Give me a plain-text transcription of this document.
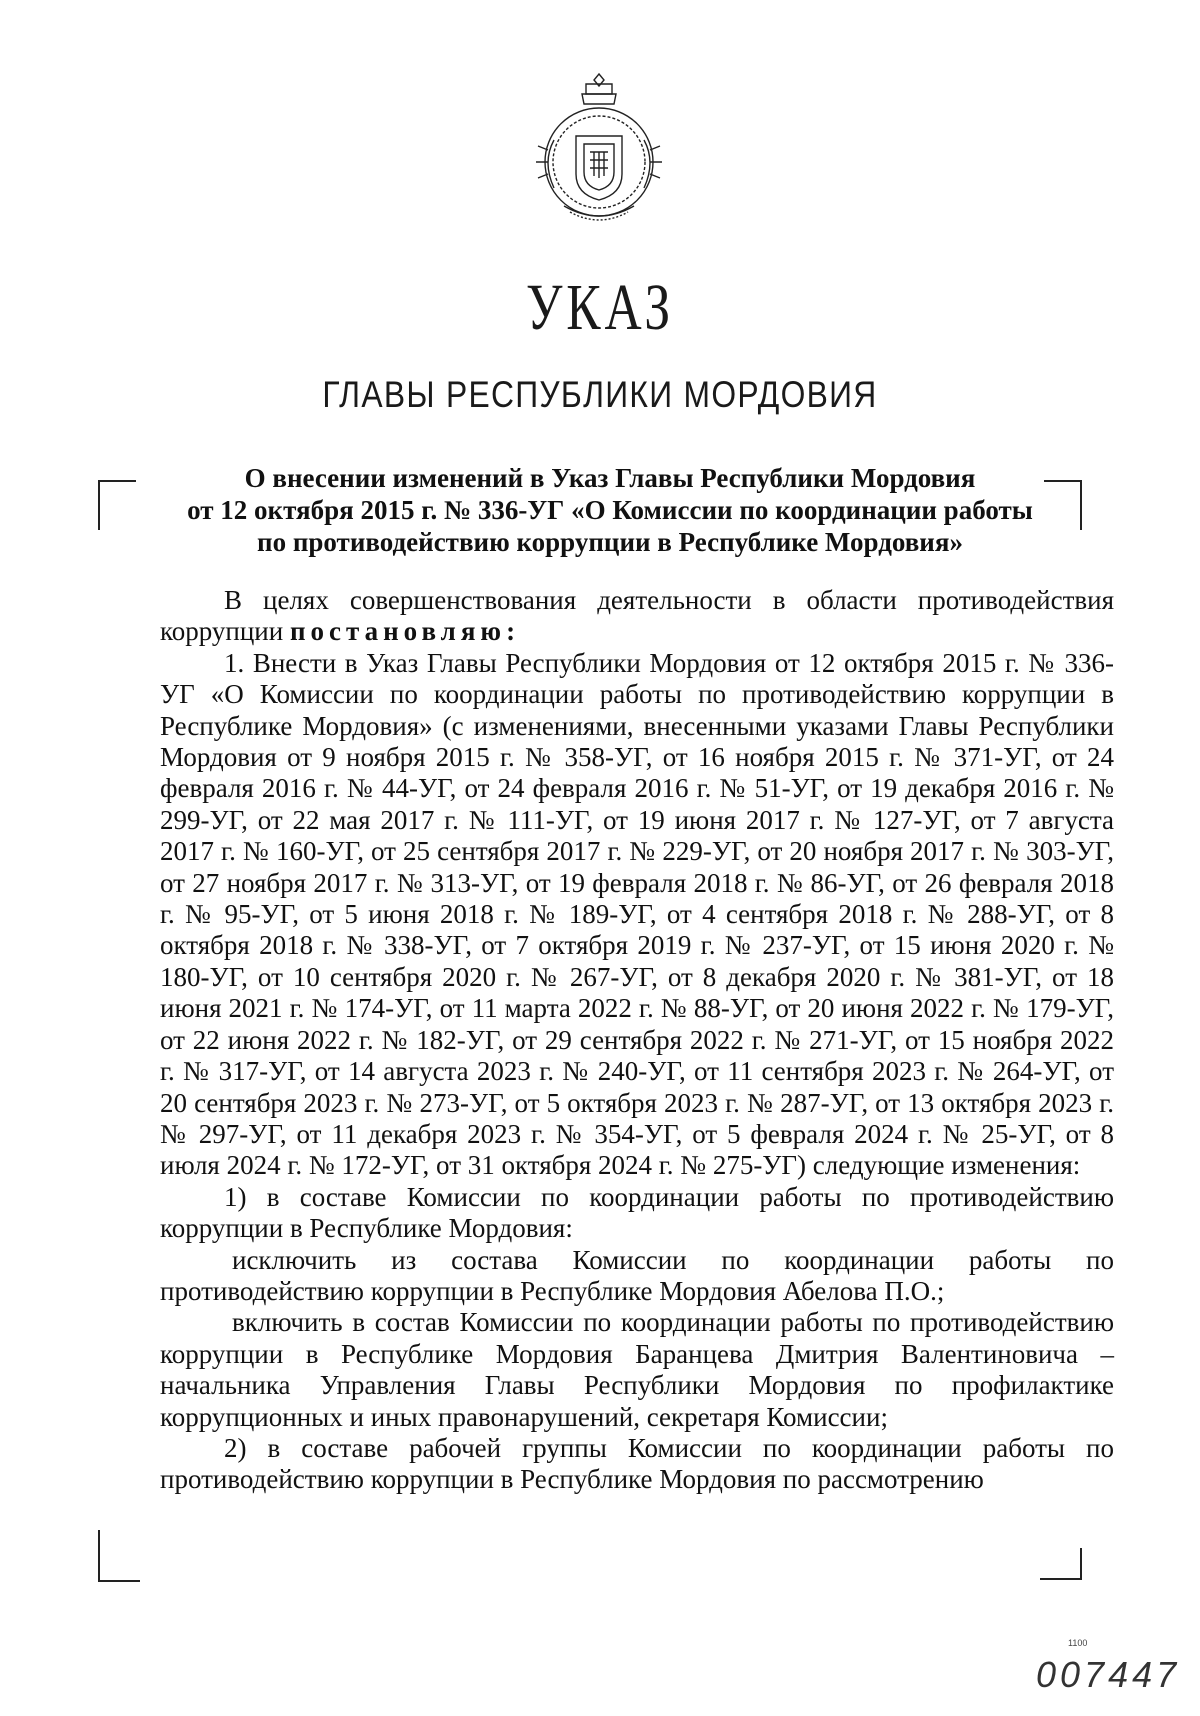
УКАЗ
ГЛАВЫ РЕСПУБЛИКИ МОРДОВИЯ
О внесении изменений в Указ Главы Республики Мордовия
от 12 октября 2015 г. № 336-УГ «О Комиссии по координации работы
по противодействию коррупции в Республике Мордовия»

В целях совершенствования деятельности в области противодействия коррупции постановляю:

1. Внести в Указ Главы Республики Мордовия от 12 октября 2015 г. № 336-УГ «О Комиссии по координации работы по противодействию коррупции в Республике Мордовия» (с изменениями, внесенными указами Главы Республики Мордовия от 9 ноября 2015 г. № 358-УГ, от 16 ноября 2015 г. № 371-УГ, от 24 февраля 2016 г. № 44-УГ, от 24 февраля 2016 г. № 51-УГ, от 19 декабря 2016 г. № 299-УГ, от 22 мая 2017 г. № 111-УГ, от 19 июня 2017 г. № 127-УГ, от 7 августа 2017 г. № 160-УГ, от 25 сентября 2017 г. № 229-УГ, от 20 ноября 2017 г. № 303-УГ, от 27 ноября 2017 г. № 313-УГ, от 19 февраля 2018 г. № 86-УГ, от 26 февраля 2018 г. № 95-УГ, от 5 июня 2018 г. № 189-УГ, от 4 сентября 2018 г. № 288-УГ, от 8 октября 2018 г. № 338-УГ, от 7 октября 2019 г. № 237-УГ, от 15 июня 2020 г. № 180-УГ, от 10 сентября 2020 г. № 267-УГ, от 8 декабря 2020 г. № 381-УГ, от 18 июня 2021 г. № 174-УГ, от 11 марта 2022 г. № 88-УГ, от 20 июня 2022 г. № 179-УГ, от 22 июня 2022 г. № 182-УГ, от 29 сентября 2022 г. № 271-УГ, от 15 ноября 2022 г. № 317-УГ, от 14 августа 2023 г. № 240-УГ, от 11 сентября 2023 г. № 264-УГ, от 20 сентября 2023 г. № 273-УГ, от 5 октября 2023 г. № 287-УГ, от 13 октября 2023 г. № 297-УГ, от 11 декабря 2023 г. № 354-УГ, от 5 февраля 2024 г. № 25-УГ, от 8 июля 2024 г. № 172-УГ, от 31 октября 2024 г. № 275-УГ) следующие изменения:

1) в составе Комиссии по координации работы по противодействию коррупции в Республике Мордовия:

исключить из состава Комиссии по координации работы по противодействию коррупции в Республике Мордовия Абелова П.О.;

включить в состав Комиссии по координации работы по противодействию коррупции в Республике Мордовия Баранцева Дмитрия Валентиновича – начальника Управления Главы Республики Мордовия по профилактике коррупционных и иных правонарушений, секретаря Комиссии;

2) в составе рабочей группы Комиссии по координации работы по противодействию коррупции в Республике Мордовия по рассмотрению

1100
007447
